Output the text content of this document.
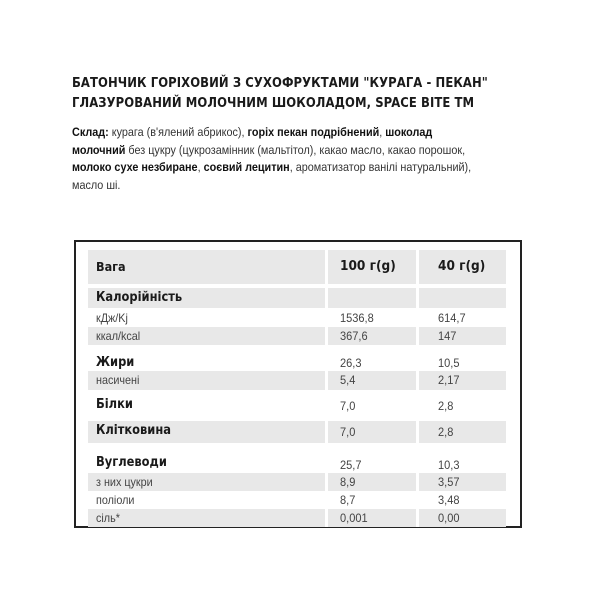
БАТОНЧИК ГОРІХОВИЙ З СУХОФРУКТАМИ "КУРАГА - ПЕКАН"
ГЛАЗУРОВАНИЙ МОЛОЧНИМ ШОКОЛАДОМ, SPACE BITE TM
Склад: курага (в'ялений абрикос), горіх пекан подрібнений, шоколад
молочний без цукру (цукрозамінник (мальтітол), какао масло, какао порошок,
молоко сухе незбиране, соєвий лецитин, ароматизатор ванілі натуральний),
масло ші.
Вага	100 г(g)	40 г(g)
Калорійність
кДж/Kj	1536,8	614,7
ккал/kcal	367,6	147
Жири	26,3	10,5
насичені	5,4	2,17
Білки	7,0	2,8
Клітковина	7,0	2,8
Вуглеводи	25,7	10,3
з них цукри	8,9	3,57
поліоли	8,7	3,48
сіль*	0,001	0,00
